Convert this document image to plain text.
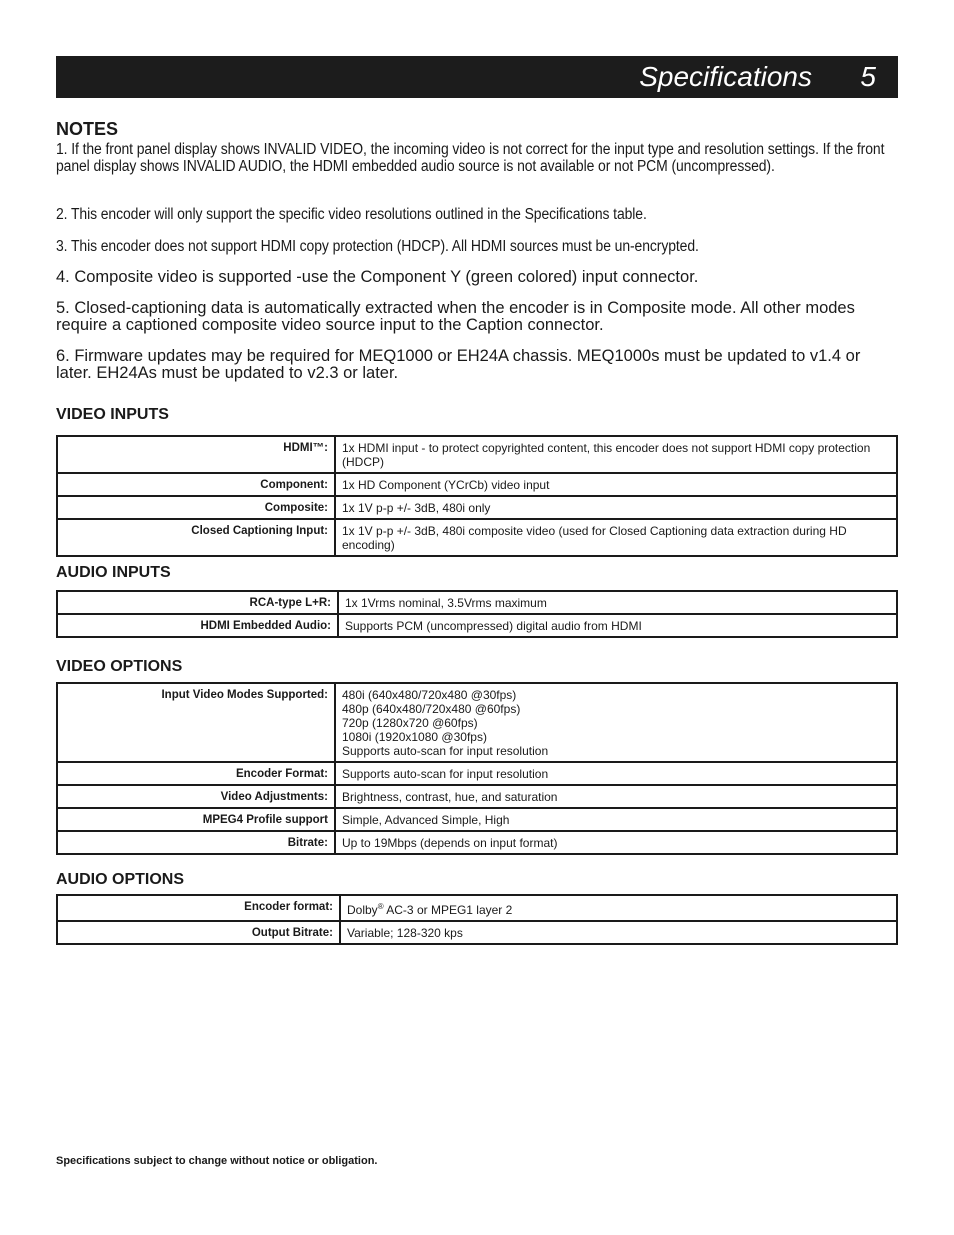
Specifications 5
NOTES
1. If the front panel display shows INVALID VIDEO, the incoming video is not correct for the input type and resolution settings. If the front panel display shows INVALID AUDIO, the HDMI embedded audio source is not available or not PCM (uncompressed).
2. This encoder will only support the specific video resolutions outlined in the Specifications table.
3. This encoder does not support HDMI copy protection (HDCP). All HDMI sources must be un-encrypted.
4. Composite video is supported -use the Component Y (green colored) input connector.
5. Closed-captioning data is automatically extracted when the encoder is in Composite mode. All other modes require a captioned composite video source input to the Caption connector.
6. Firmware updates may be required for MEQ1000 or EH24A chassis. MEQ1000s must be updated to v1.4 or later. EH24As must be updated to v2.3 or later.
VIDEO INPUTS
HDMI™:	1x HDMI input - to protect copyrighted content, this encoder does not support HDMI copy protection (HDCP)
Component:	1x HD Component (YCrCb) video input
Composite:	1x 1V p-p +/- 3dB, 480i only
Closed Captioning Input:	1x 1V p-p +/- 3dB, 480i composite video (used for Closed Captioning data extraction during HD encoding)
AUDIO INPUTS
RCA-type L+R:	1x 1Vrms nominal, 3.5Vrms maximum
HDMI Embedded Audio:	Supports PCM (uncompressed) digital audio from HDMI
VIDEO OPTIONS
Input Video Modes Supported:	480i (640x480/720x480 @30fps)
480p (640x480/720x480 @60fps)
720p (1280x720 @60fps)
1080i (1920x1080 @30fps)
Supports auto-scan for input resolution
Encoder Format:	Supports auto-scan for input resolution
Video Adjustments:	Brightness, contrast, hue, and saturation
MPEG4 Profile support	Simple, Advanced Simple, High
Bitrate:	Up to 19Mbps (depends on input format)
AUDIO OPTIONS
Encoder format:	Dolby® AC-3 or MPEG1 layer 2
Output Bitrate:	Variable; 128-320 kps
Specifications subject to change without notice or obligation.
